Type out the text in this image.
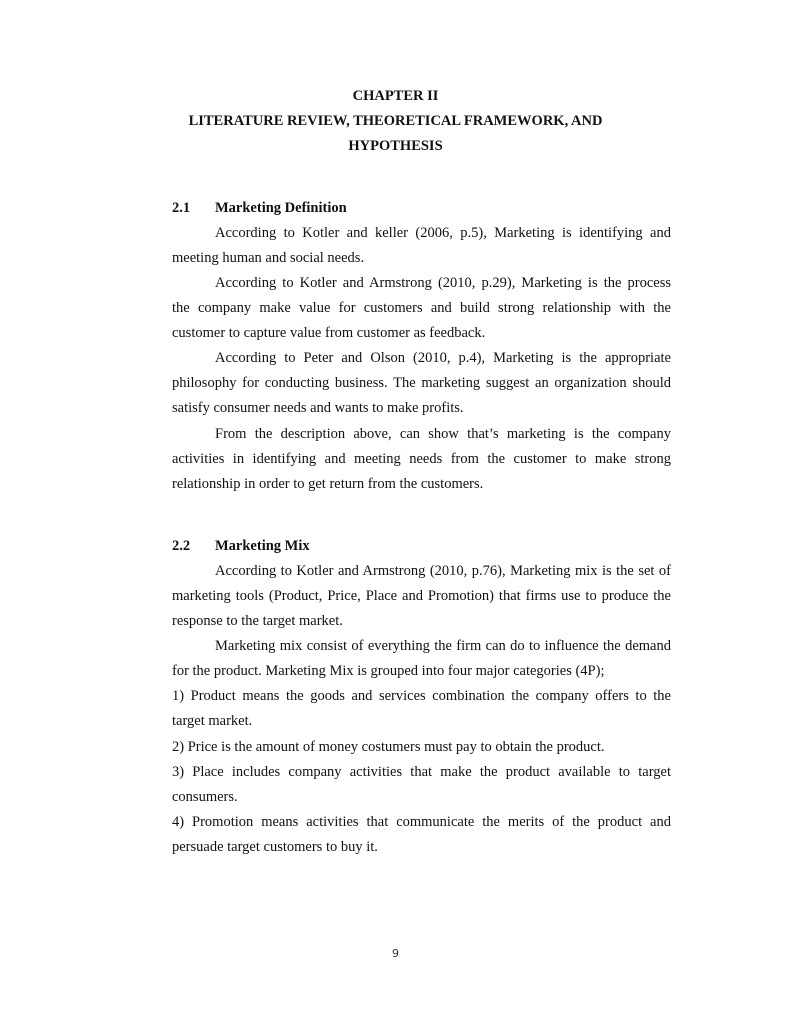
CHAPTER II
LITERATURE REVIEW, THEORETICAL FRAMEWORK, AND
HYPOTHESIS
2.1 Marketing Definition
According to Kotler and keller (2006, p.5), Marketing is identifying and
meeting human and social needs.
According to Kotler and Armstrong (2010, p.29), Marketing is the process
the company make value for customers and build strong relationship with the
customer to capture value from customer as feedback.
According to Peter and Olson (2010, p.4), Marketing is the appropriate
philosophy for conducting business. The marketing suggest an organization should
satisfy consumer needs and wants to make profits.
From the description above, can show that’s marketing is the company
activities in identifying and meeting needs from the customer to make strong
relationship in order to get return from the customers.
2.2 Marketing Mix
According to Kotler and Armstrong (2010, p.76), Marketing mix is the set of
marketing tools (Product, Price, Place and Promotion) that firms use to produce the
response to the target market.
Marketing mix consist of everything the firm can do to influence the demand
for the product. Marketing Mix is grouped into four major categories (4P);
1) Product means the goods and services combination the company offers to the
target market.
2) Price is the amount of money costumers must pay to obtain the product.
3) Place includes company activities that make the product available to target
consumers.
4) Promotion means activities that communicate the merits of the product and
persuade target customers to buy it.
9
